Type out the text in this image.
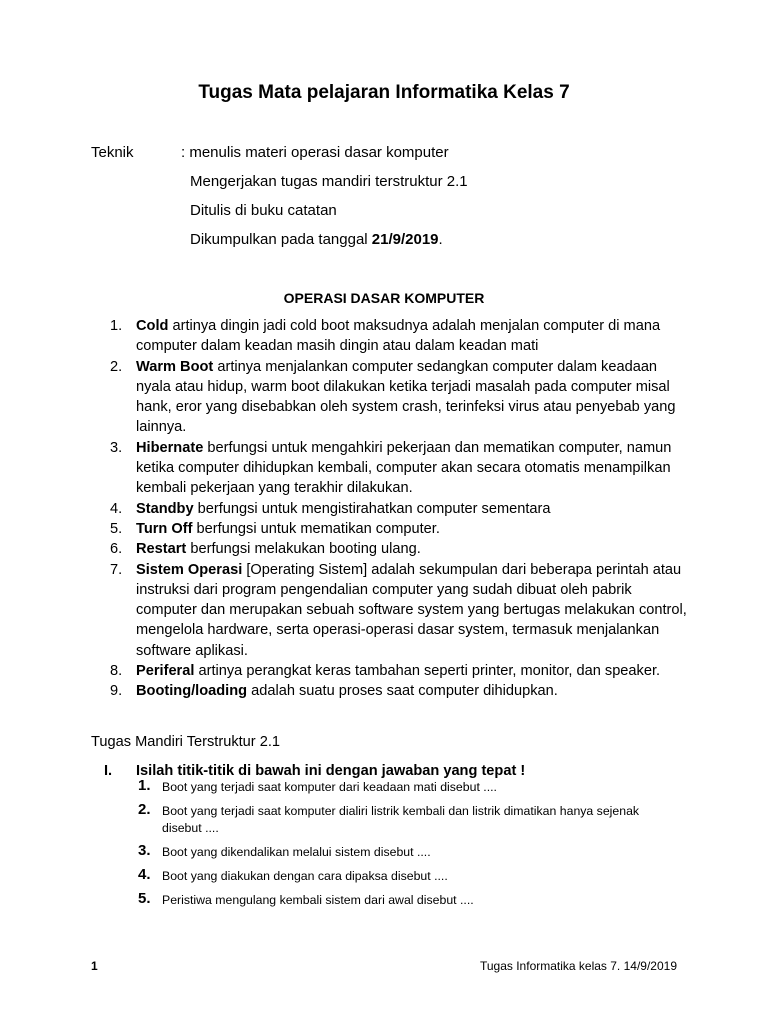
Tugas Mata pelajaran Informatika Kelas 7
Teknik	: menulis materi operasi dasar komputer
Mengerjakan tugas mandiri terstruktur 2.1
Ditulis di buku catatan
Dikumpulkan pada tanggal 21/9/2019.
OPERASI DASAR KOMPUTER
1. Cold artinya dingin jadi cold boot maksudnya adalah menjalan computer di mana computer dalam keadan masih dingin atau dalam keadan mati
2. Warm Boot artinya menjalankan computer sedangkan computer dalam keadaan nyala atau hidup, warm boot dilakukan ketika terjadi masalah pada computer misal hank, eror yang disebabkan oleh system crash, terinfeksi virus atau penyebab yang lainnya.
3. Hibernate berfungsi untuk mengahkiri pekerjaan dan mematikan computer, namun ketika computer dihidupkan kembali, computer akan secara otomatis menampilkan kembali pekerjaan yang terakhir dilakukan.
4. Standby berfungsi untuk mengistirahatkan computer sementara
5. Turn Off berfungsi untuk mematikan computer.
6. Restart berfungsi melakukan booting ulang.
7. Sistem Operasi [Operating Sistem] adalah sekumpulan dari beberapa perintah atau instruksi dari program pengendalian computer yang sudah dibuat oleh pabrik computer dan merupakan sebuah software system yang bertugas melakukan control, mengelola hardware, serta operasi-operasi dasar system, termasuk menjalankan software aplikasi.
8. Periferal artinya perangkat keras tambahan seperti printer, monitor, dan speaker.
9. Booting/loading adalah suatu proses saat computer dihidupkan.
Tugas Mandiri Terstruktur 2.1
I. Isilah titik-titik di bawah ini dengan jawaban yang tepat !
1. Boot yang terjadi saat komputer dari keadaan mati disebut ....
2. Boot yang terjadi saat komputer dialiri listrik kembali dan listrik dimatikan hanya sejenak disebut ....
3. Boot yang dikendalikan melalui sistem disebut ....
4. Boot yang diakukan dengan cara dipaksa disebut ....
5. Peristiwa mengulang kembali sistem dari awal disebut ....
1	Tugas Informatika kelas 7. 14/9/2019
